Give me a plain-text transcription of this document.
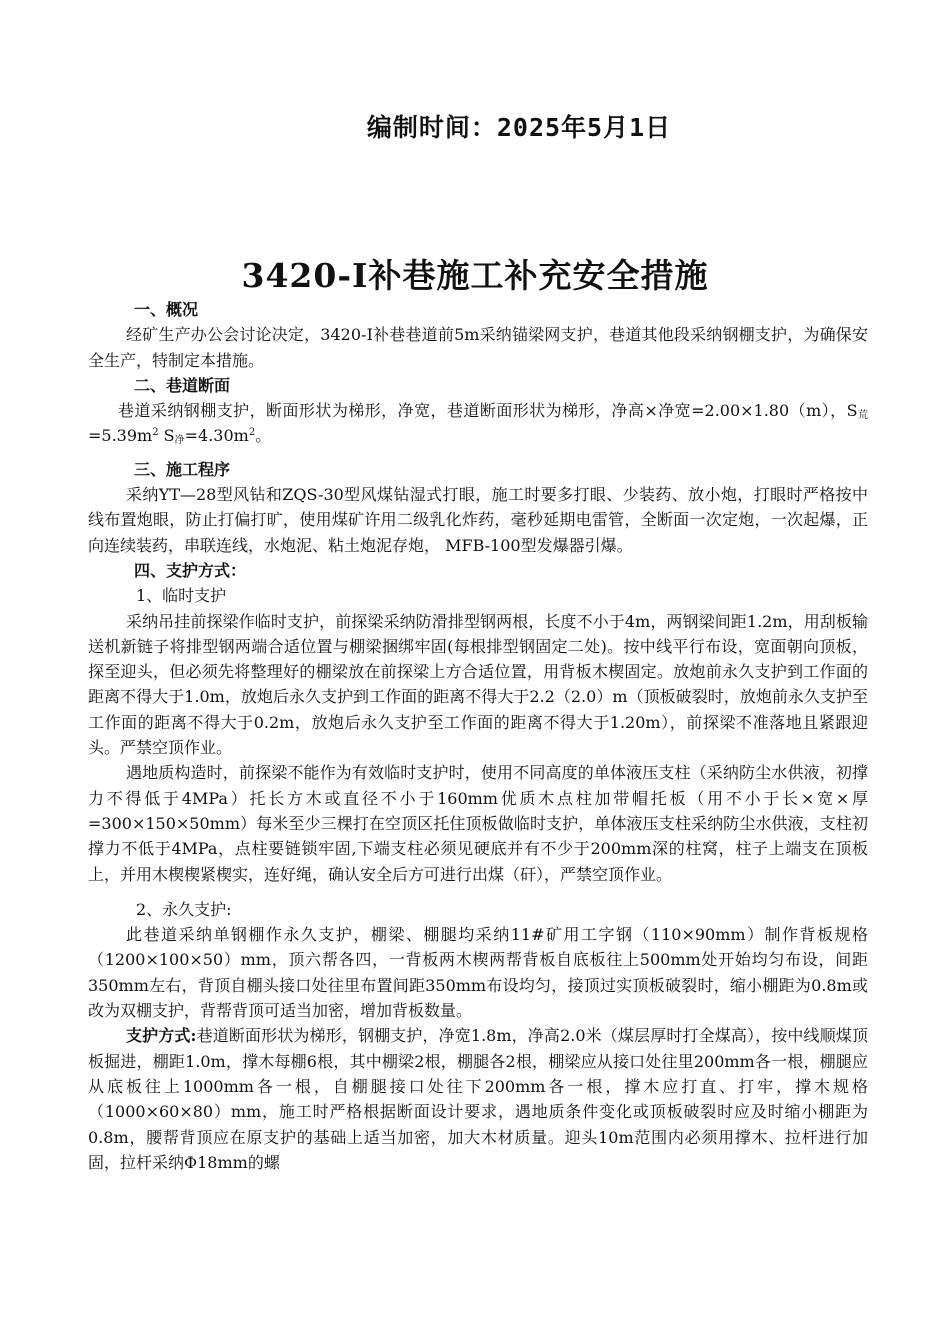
编制时间：2025年5月1日
3420-Ⅰ补巷施工补充安全措施

一、概况

经矿生产办公会讨论决定，3420-Ⅰ补巷巷道前5m采纳锚梁网支护，巷道其他段采纳钢棚支护，为确保安全生产，特制定本措施。

二、巷道断面

巷道采纳钢棚支护，断面形状为梯形，净宽，巷道断面形状为梯形，净高×净宽=2.00×1.80（m），$S_荒=5.39m^2$ $S_净=4.30m^2$。

三、施工程序

采纳YT—28型风钻和ZQS-30型风煤钻湿式打眼，施工时要多打眼、少装药、放小炮，打眼时严格按中线布置炮眼，防止打偏打旷，使用煤矿许用二级乳化炸药，毫秒延期电雷管，全断面一次定炮，一次起爆，正向连续装药，串联连线，水炮泥、粘土炮泥存炮， MFB-100型发爆器引爆。

四、支护方式：

1、临时支护

采纳吊挂前探梁作临时支护，前探梁采纳防滑排型钢两根，长度不小于4m，两钢梁间距1.2m，用刮板输送机新链子将排型钢两端合适位置与棚梁捆绑牢固(每根排型钢固定二处)。按中线平行布设，宽面朝向顶板，探至迎头，但必须先将整理好的棚梁放在前探梁上方合适位置，用背板木楔固定。放炮前永久支护到工作面的距离不得大于1.0m，放炮后永久支护到工作面的距离不得大于2.2（2.0）m（顶板破裂时，放炮前永久支护至工作面的距离不得大于0.2m，放炮后永久支护至工作面的距离不得大于1.20m），前探梁不准落地且紧跟迎头。严禁空顶作业。

遇地质构造时，前探梁不能作为有效临时支护时，使用不同高度的单体液压支柱（采纳防尘水供液，初撑力不得低于4MPa）托长方木或直径不小于160mm优质木点柱加带帽托板（用不小于长×宽×厚=300×150×50mm）每米至少三棵打在空顶区托住顶板做临时支护，单体液压支柱采纳防尘水供液，支柱初撑力不低于4MPa，点柱要链锁牢固,下端支柱必须见硬底并有不少于200mm深的柱窝，柱子上端支在顶板上，并用木楔楔紧楔实，连好绳，确认安全后方可进行出煤（矸），严禁空顶作业。

2、永久支护:

此巷道采纳单钢棚作永久支护，棚梁、棚腿均采纳11#矿用工字钢（110×90mm）制作背板规格（1200×100×50）mm，顶六帮各四，一背板两木楔两帮背板自底板往上500mm处开始均匀布设，间距350mm左右，背顶自棚头接口处往里布置间距350mm布设均匀，接顶过实顶板破裂时，缩小棚距为0.8m或改为双棚支护，背帮背顶可适当加密，增加背板数量。

支护方式:巷道断面形状为梯形，钢棚支护，净宽1.8m，净高2.0米（煤层厚时打全煤高），按中线顺煤顶板掘进，棚距1.0m，撑木每棚6根，其中棚梁2根，棚腿各2根，棚梁应从接口处往里200mm各一根，棚腿应从底板往上1000mm各一根，自棚腿接口处往下200mm各一根，撑木应打直、打牢，撑木规格（1000×60×80）mm，施工时严格根据断面设计要求，遇地质条件变化或顶板破裂时应及时缩小棚距为0.8m，腰帮背顶应在原支护的基础上适当加密，加大木材质量。迎头10m范围内必须用撑木、拉杆进行加固，拉杆采纳Φ18mm的螺
